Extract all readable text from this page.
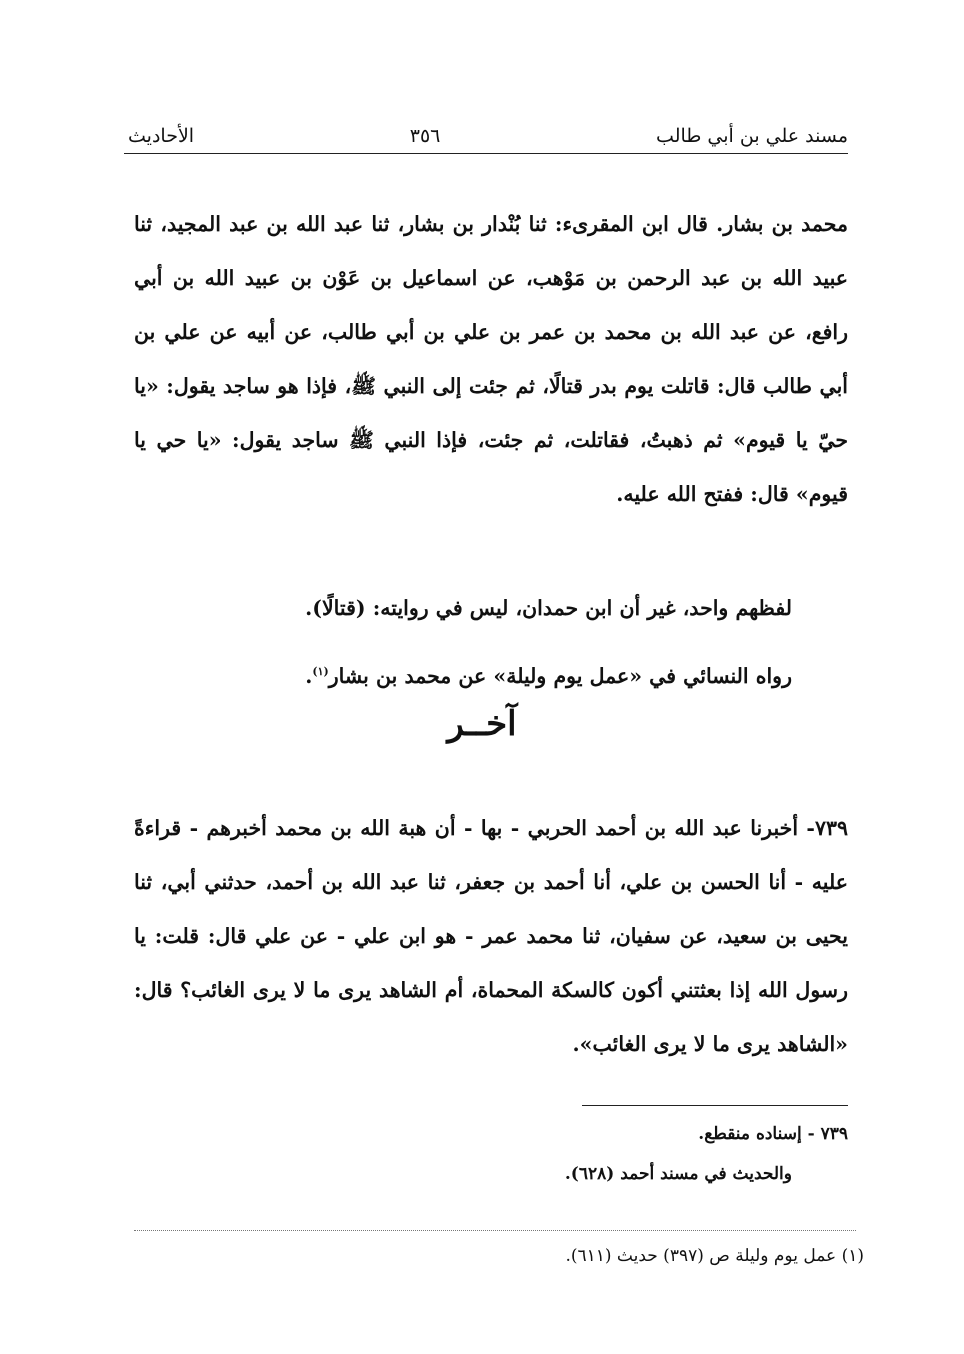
مسند علي بن أبي طالب
٣٥٦
الأحاديث

محمد بن بشار. قال ابن المقرىء: ثنا بُنْدار بن بشار، ثنا عبد الله بن عبد المجيد، ثنا عبيد الله بن عبد الرحمن بن مَوْهب، عن اسماعيل بن عَوْن بن عبيد الله بن أبي رافع، عن عبد الله بن محمد بن عمر بن علي بن أبي طالب، عن أبيه عن علي بن أبي طالب قال: قاتلت يوم بدر قتالًا، ثم جئت إلى النبي ﷺ، فإذا هو ساجد يقول: «يا حيّ يا قيوم» ثم ذهبتُ، فقاتلت، ثم جئت، فإذا النبي ﷺ ساجد يقول: «يا حي يا قيوم» قال: ففتح الله عليه.

لفظهم واحد، غير أن ابن حمدان، ليس في روايته: (قتالًا).

رواه النسائي في «عمل يوم وليلة» عن محمد بن بشار$^{(١)}$.

آخــر

٧٣٩- أخبرنا عبد الله بن أحمد الحربي - بها - أن هبة الله بن محمد أخبرهم - قراءةً عليه - أنا الحسن بن علي، أنا أحمد بن جعفر، ثنا عبد الله بن أحمد، حدثني أبي، ثنا يحيى بن سعيد، عن سفيان، ثنا محمد عمر - هو ابن علي - عن علي قال: قلت: يا رسول الله إذا بعثتني أكون كالسكة المحماة، أم الشاهد يرى ما لا يرى الغائب؟ قال: «الشاهد يرى ما لا يرى الغائب».

٧٣٩ - إسناده منقطع.
والحديث في مسند أحمد (٦٢٨).
(١) عمل يوم وليلة ص (٣٩٧) حديث (٦١١).
